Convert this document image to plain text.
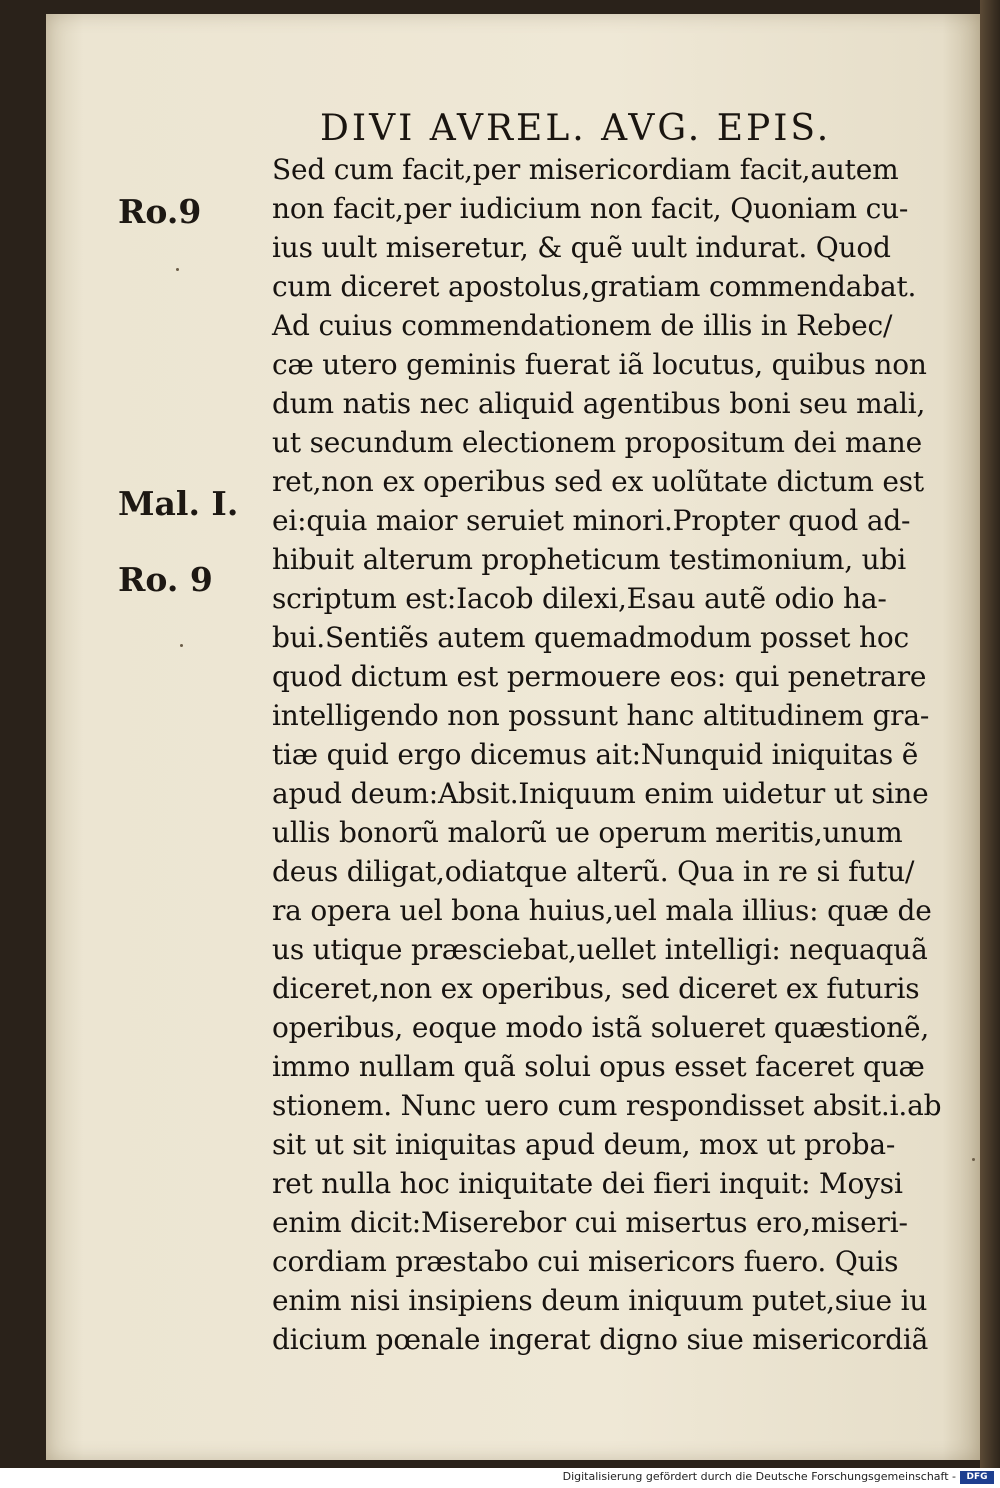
DIVI AVREL. AVG. EPIS.
Ro.9
Mal. I.
Ro. 9
Sed cum facit,per misericordiam facit,autem
non facit,per iudicium non facit, Quoniam cu-
ius uult miseretur, & quẽ uult indurat. Quod
cum diceret apostolus,gratiam commendabat.
Ad cuius commendationem de illis in Rebec/
cæ utero geminis fuerat iã locutus, quibus non
dum natis nec aliquid agentibus boni seu mali,
ut secundum electionem propositum dei mane
ret,non ex operibus sed ex uolũtate dictum est
ei:quia maior seruiet minori.Propter quod ad-
hibuit alterum propheticum testimonium, ubi
scriptum est:Iacob dilexi,Esau autẽ odio ha-
bui.Sentiẽs autem quemadmodum posset hoc
quod dictum est permouere eos: qui penetrare
intelligendo non possunt hanc altitudinem gra-
tiæ quid ergo dicemus ait:Nunquid iniquitas ẽ
apud deum:Absit.Iniquum enim uidetur ut sine
ullis bonorũ malorũ ue operum meritis,unum
deus diligat,odiatque alterũ. Qua in re si futu/
ra opera uel bona huius,uel mala illius: quæ de
us utique præsciebat,uellet intelligi: nequaquã
diceret,non ex operibus, sed diceret ex futuris
operibus, eoque modo istã solueret quæstionẽ,
immo nullam quã solui opus esset faceret quæ
stionem. Nunc uero cum respondisset absit.i.ab
sit ut sit iniquitas apud deum, mox ut proba-
ret nulla hoc iniquitate dei fieri inquit: Moysi
enim dicit:Miserebor cui misertus ero,miseri-
cordiam præstabo cui misericors fuero. Quis
enim nisi insipiens deum iniquum putet,siue iu
dicium pœnale ingerat digno siue misericordiã
Digitalisierung gefördert durch die Deutsche Forschungsgemeinschaft -	DFG
